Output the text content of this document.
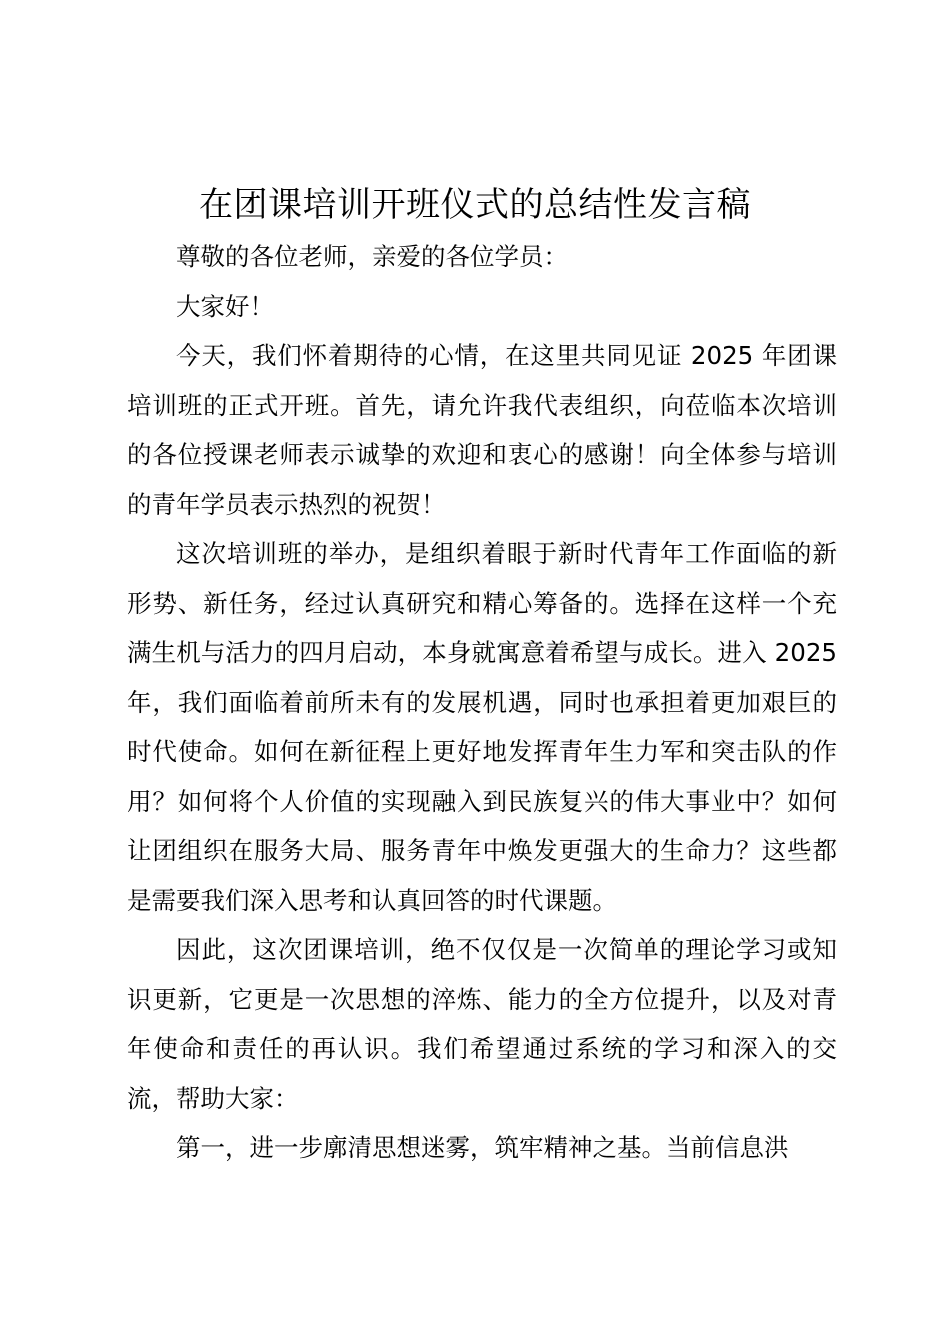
在团课培训开班仪式的总结性发言稿

尊敬的各位老师，亲爱的各位学员：

大家好！

今天，我们怀着期待的心情，在这里共同见证 2025 年团课培训班的正式开班。首先，请允许我代表组织，向莅临本次培训的各位授课老师表示诚挚的欢迎和衷心的感谢！向全体参与培训的青年学员表示热烈的祝贺！

这次培训班的举办，是组织着眼于新时代青年工作面临的新形势、新任务，经过认真研究和精心筹备的。选择在这样一个充满生机与活力的四月启动，本身就寓意着希望与成长。进入 2025 年，我们面临着前所未有的发展机遇，同时也承担着更加艰巨的时代使命。如何在新征程上更好地发挥青年生力军和突击队的作用？如何将个人价值的实现融入到民族复兴的伟大事业中？如何让团组织在服务大局、服务青年中焕发更强大的生命力？这些都是需要我们深入思考和认真回答的时代课题。

因此，这次团课培训，绝不仅仅是一次简单的理论学习或知识更新，它更是一次思想的淬炼、能力的全方位提升，以及对青年使命和责任的再认识。我们希望通过系统的学习和深入的交流，帮助大家：

第一，进一步廓清思想迷雾，筑牢精神之基。当前信息洪
